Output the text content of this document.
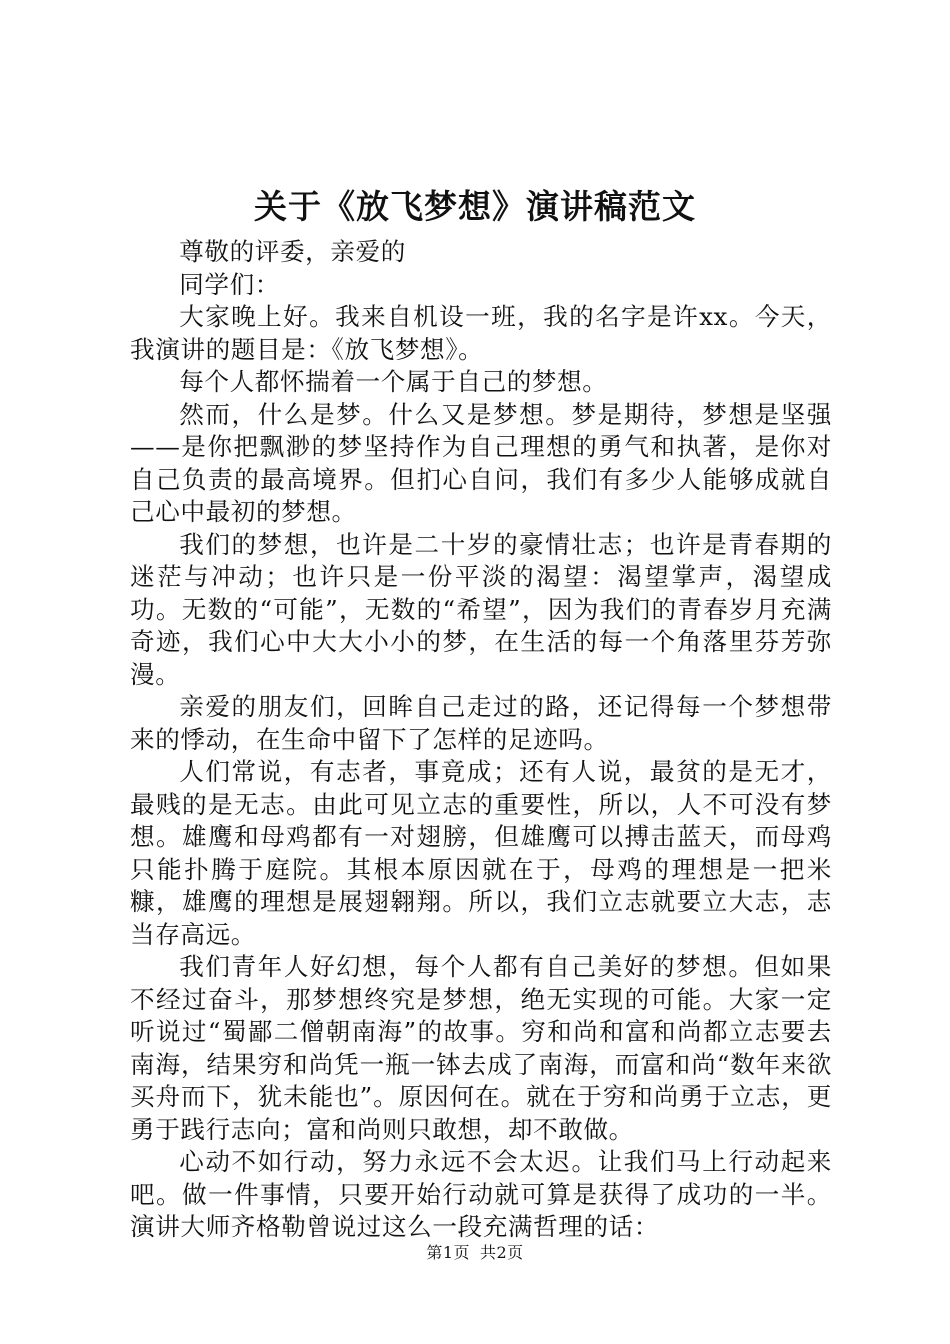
关于《放飞梦想》演讲稿范文

尊敬的评委，亲爱的

同学们：

大家晚上好。我来自机设一班，我的名字是许xx。今天，我演讲的题目是：《放飞梦想》。

每个人都怀揣着一个属于自己的梦想。

然而，什么是梦。什么又是梦想。梦是期待，梦想是坚强——是你把飘渺的梦坚持作为自己理想的勇气和执著，是你对自己负责的最高境界。但扪心自问，我们有多少人能够成就自己心中最初的梦想。

我们的梦想，也许是二十岁的豪情壮志；也许是青春期的迷茫与冲动；也许只是一份平淡的渴望：渴望掌声，渴望成功。无数的“可能”，无数的“希望”，因为我们的青春岁月充满奇迹，我们心中大大小小的梦，在生活的每一个角落里芬芳弥漫。

亲爱的朋友们，回眸自己走过的路，还记得每一个梦想带来的悸动，在生命中留下了怎样的足迹吗。

人们常说，有志者，事竟成；还有人说，最贫的是无才，最贱的是无志。由此可见立志的重要性，所以，人不可没有梦想。雄鹰和母鸡都有一对翅膀，但雄鹰可以搏击蓝天，而母鸡只能扑腾于庭院。其根本原因就在于，母鸡的理想是一把米糠，雄鹰的理想是展翅翱翔。所以，我们立志就要立大志，志当存高远。

我们青年人好幻想，每个人都有自己美好的梦想。但如果不经过奋斗，那梦想终究是梦想，绝无实现的可能。大家一定听说过“蜀鄙二僧朝南海”的故事。穷和尚和富和尚都立志要去南海，结果穷和尚凭一瓶一钵去成了南海，而富和尚“数年来欲买舟而下，犹未能也”。原因何在。就在于穷和尚勇于立志，更勇于践行志向；富和尚则只敢想，却不敢做。

心动不如行动，努力永远不会太迟。让我们马上行动起来吧。做一件事情，只要开始行动就可算是获得了成功的一半。演讲大师齐格勒曾说过这么一段充满哲理的话：

第1页 共2页
